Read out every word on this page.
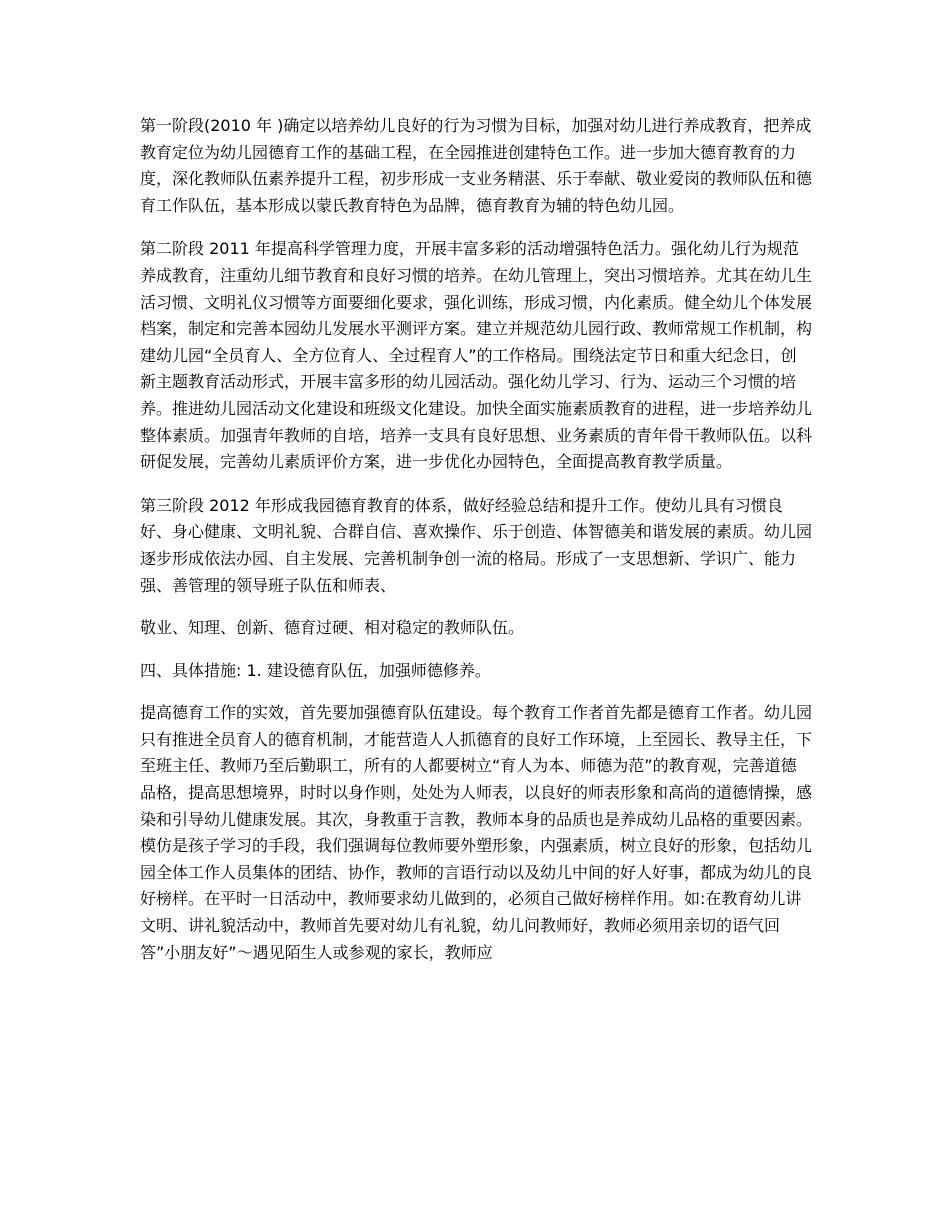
第一阶段(2010 年 )确定以培养幼儿良好的行为习惯为目标，加强对幼儿进行养成教育，把养成教育定位为幼儿园德育工作的基础工程，在全园推进创建特色工作。进一步加大德育教育的力度，深化教师队伍素养提升工程，初步形成一支业务精湛、乐于奉献、敬业爱岗的教师队伍和德育工作队伍，基本形成以蒙氏教育特色为品牌，德育教育为辅的特色幼儿园。

第二阶段 2011 年提高科学管理力度，开展丰富多彩的活动增强特色活力。强化幼儿行为规范养成教育，注重幼儿细节教育和良好习惯的培养。在幼儿管理上，突出习惯培养。尤其在幼儿生活习惯、文明礼仪习惯等方面要细化要求，强化训练，形成习惯，内化素质。健全幼儿个体发展档案，制定和完善本园幼儿发展水平测评方案。建立并规范幼儿园行政、教师常规工作机制，构建幼儿园“全员育人、全方位育人、全过程育人”的工作格局。围绕法定节日和重大纪念日，创新主题教育活动形式，开展丰富多形的幼儿园活动。强化幼儿学习、行为、运动三个习惯的培养。推进幼儿园活动文化建设和班级文化建设。加快全面实施素质教育的进程，进一步培养幼儿整体素质。加强青年教师的自培，培养一支具有良好思想、业务素质的青年骨干教师队伍。以科研促发展，完善幼儿素质评价方案，进一步优化办园特色，全面提高教育教学质量。

第三阶段 2012 年形成我园德育教育的体系，做好经验总结和提升工作。使幼儿具有习惯良好、身心健康、文明礼貌、合群自信、喜欢操作、乐于创造、体智德美和谐发展的素质。幼儿园逐步形成依法办园、自主发展、完善机制争创一流的格局。形成了一支思想新、学识广、能力强、善管理的领导班子队伍和师表、

敬业、知理、创新、德育过硬、相对稳定的教师队伍。

四、具体措施: 1. 建设德育队伍，加强师德修养。

提高德育工作的实效，首先要加强德育队伍建设。每个教育工作者首先都是德育工作者。幼儿园只有推进全员育人的德育机制，才能营造人人抓德育的良好工作环境，上至园长、教导主任，下至班主任、教师乃至后勤职工，所有的人都要树立“育人为本、师德为范”的教育观，完善道德品格，提高思想境界，时时以身作则，处处为人师表，以良好的师表形象和高尚的道德情操，感染和引导幼儿健康发展。其次，身教重于言教，教师本身的品质也是养成幼儿品格的重要因素。模仿是孩子学习的手段，我们强调每位教师要外塑形象，内强素质，树立良好的形象，包括幼儿园全体工作人员集体的团结、协作，教师的言语行动以及幼儿中间的好人好事，都成为幼儿的良好榜样。在平时一日活动中，教师要求幼儿做到的，必须自己做好榜样作用。如:在教育幼儿讲文明、讲礼貌活动中，教师首先要对幼儿有礼貌，幼儿问教师好，教师必须用亲切的语气回答”小朋友好”～遇见陌生人或参观的家长，教师应
